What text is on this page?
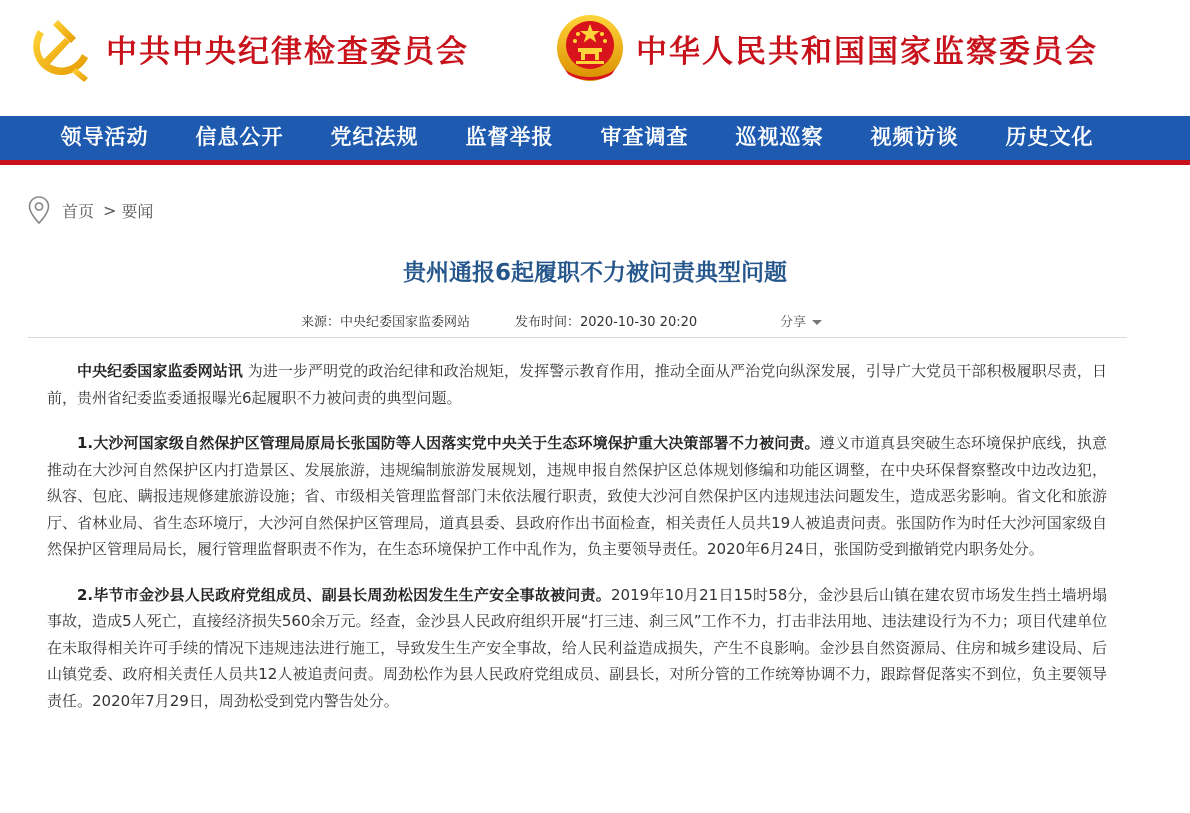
中共中央纪律检查委员会	中华人民共和国国家监察委员会
领导活动	信息公开	党纪法规	监督举报	审查调查	巡视巡察	视频访谈	历史文化
首页 > 要闻
贵州通报6起履职不力被问责典型问题
来源：中央纪委国家监委网站	发布时间：2020-10-30 20:20	分享

中央纪委国家监委网站讯 为进一步严明党的政治纪律和政治规矩，发挥警示教育作用，推动全面从严治党向纵深发展，引导广大党员干部积极履职尽责，日前，贵州省纪委监委通报曝光6起履职不力被问责的典型问题。

1.大沙河国家级自然保护区管理局原局长张国防等人因落实党中央关于生态环境保护重大决策部署不力被问责。遵义市道真县突破生态环境保护底线，执意推动在大沙河自然保护区内打造景区、发展旅游，违规编制旅游发展规划，违规申报自然保护区总体规划修编和功能区调整，在中央环保督察整改中边改边犯，纵容、包庇、瞒报违规修建旅游设施；省、市级相关管理监督部门未依法履行职责，致使大沙河自然保护区内违规违法问题发生，造成恶劣影响。省文化和旅游厅、省林业局、省生态环境厅，大沙河自然保护区管理局，道真县委、县政府作出书面检查，相关责任人员共19人被追责问责。张国防作为时任大沙河国家级自然保护区管理局局长，履行管理监督职责不作为，在生态环境保护工作中乱作为，负主要领导责任。2020年6月24日，张国防受到撤销党内职务处分。

2.毕节市金沙县人民政府党组成员、副县长周劲松因发生生产安全事故被问责。2019年10月21日15时58分，金沙县后山镇在建农贸市场发生挡土墙坍塌事故，造成5人死亡，直接经济损失560余万元。经查，金沙县人民政府组织开展“打三违、刹三风”工作不力，打击非法用地、违法建设行为不力；项目代建单位在未取得相关许可手续的情况下违规违法进行施工，导致发生生产安全事故，给人民利益造成损失，产生不良影响。金沙县自然资源局、住房和城乡建设局、后山镇党委、政府相关责任人员共12人被追责问责。周劲松作为县人民政府党组成员、副县长，对所分管的工作统筹协调不力，跟踪督促落实不到位，负主要领导责任。2020年7月29日，周劲松受到党内警告处分。
